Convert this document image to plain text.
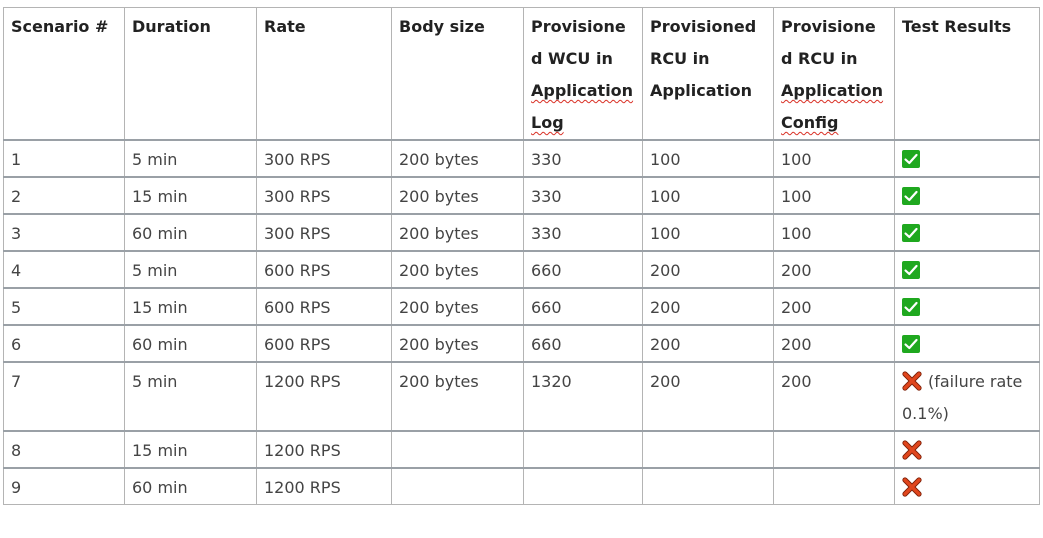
Scenario #	Duration	Rate	Body size	Provisione d WCU in Application Log	Provisioned RCU in Application	Provisioned RCU in Application Config	Test Results
1	5 min	300 RPS	200 bytes	330	100	100	

2	15 min	300 RPS	200 bytes	330	100	100	

3	60 min	300 RPS	200 bytes	330	100	100	

4	5 min	600 RPS	200 bytes	660	200	200	

5	15 min	600 RPS	200 bytes	660	200	200	

6	60 min	600 RPS	200 bytes	660	200	200	

7	5 min	1200 RPS	200 bytes	1320	200	200	(failure rate 0.1%)
8	15 min	1200 RPS					
9	60 min	1200 RPS					
